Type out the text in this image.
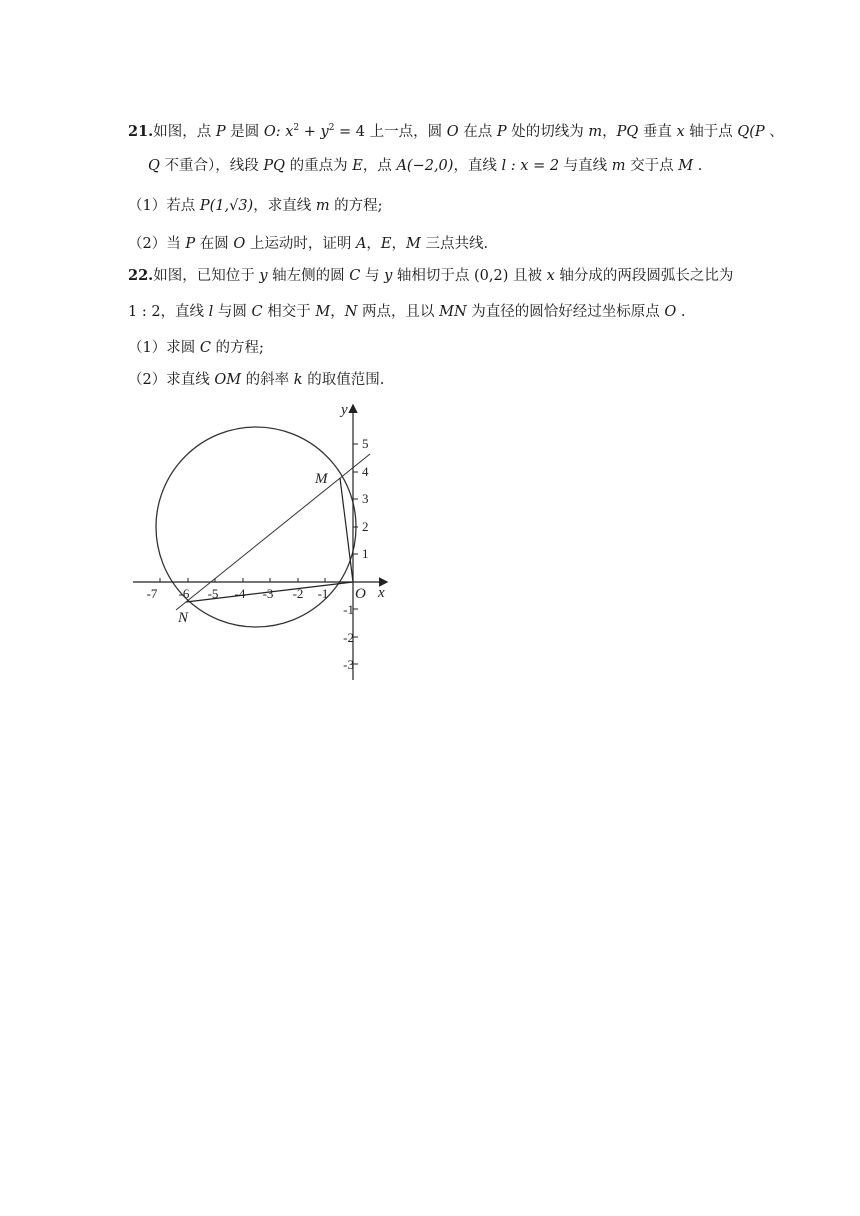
21.如图，点 P 是圆 O: $x^2 + y^2 = 4$ 上一点，圆 O 在点 P 处的切线为 m，PQ 垂直 x 轴于点 Q(P 、
Q 不重合），线段 PQ 的重点为 E，点 A(−2,0)，直线 l : x = 2 与直线 m 交于点 M .
（1）若点 P(1,√3)，求直线 m 的方程;
（2）当 P 在圆 O 上运动时，证明 A，E，M 三点共线.
22.如图，已知位于 y 轴左侧的圆 C 与 y 轴相切于点 (0,2) 且被 x 轴分成的两段圆弧长之比为
1 : 2，直线 l 与圆 C 相交于 M，N 两点，且以 MN 为直径的圆恰好经过坐标原点 O .
（1）求圆 C 的方程;
（2）求直线 OM 的斜率 k 的取值范围.
-7 -6 -5 -4 -3 -2 -1
1
2
3
4
5
-1
-2
-3
x
y
O
M
N
